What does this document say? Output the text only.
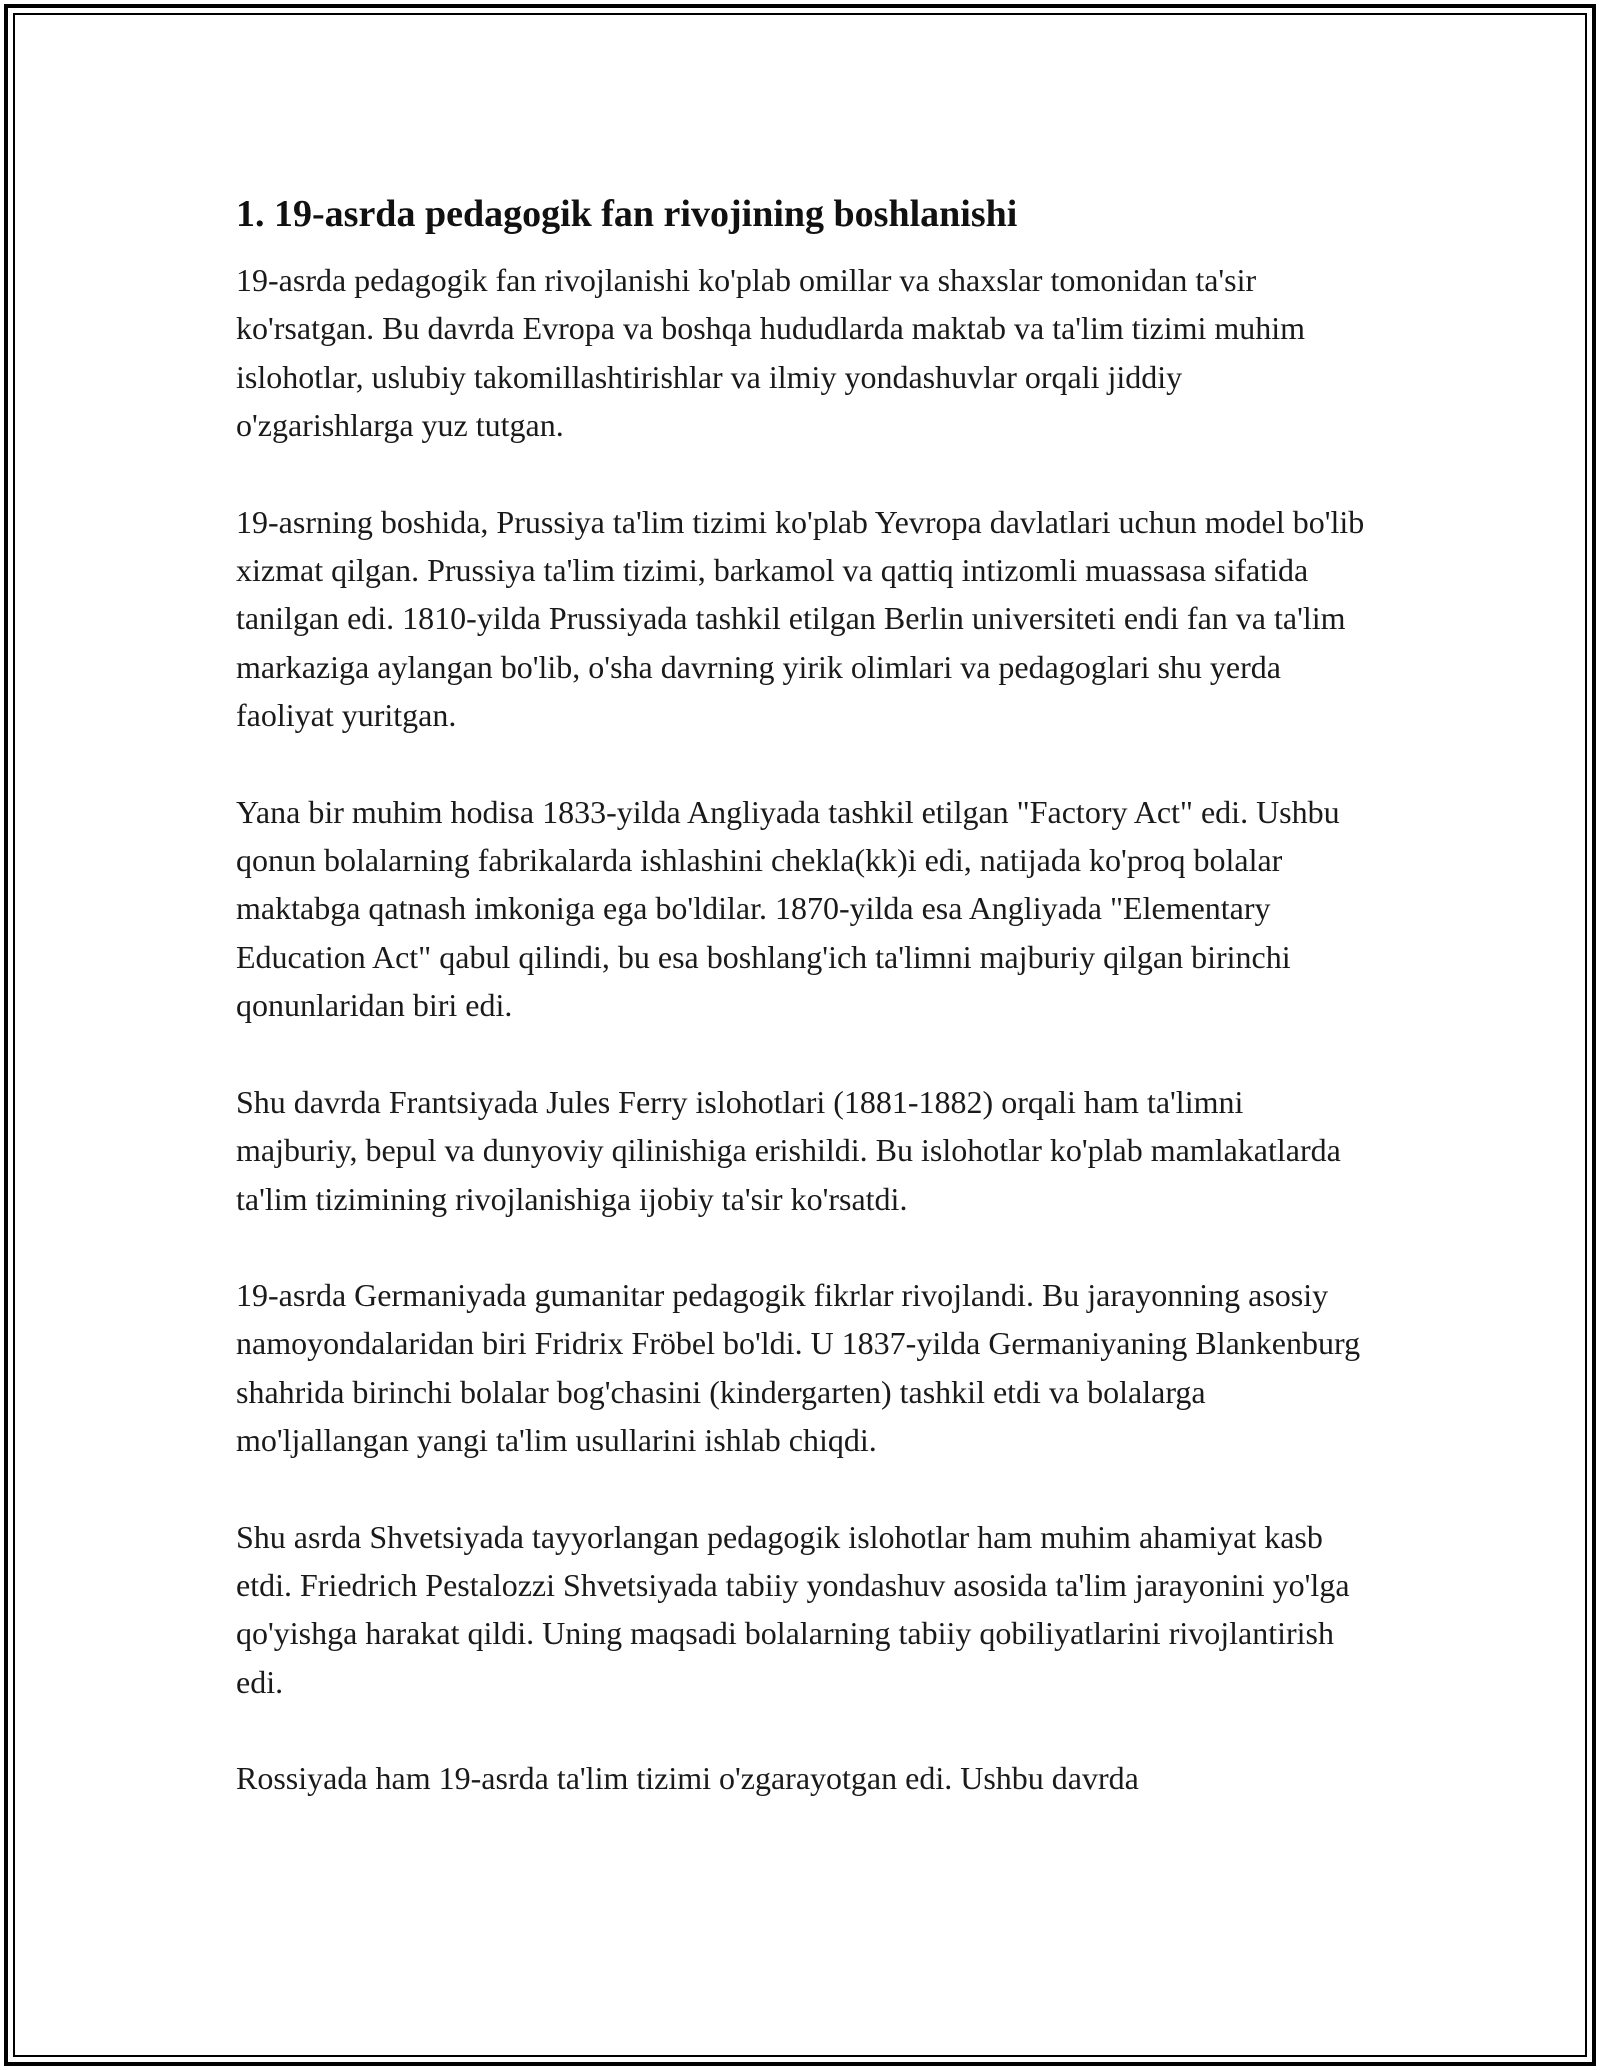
1. 19-asrda pedagogik fan rivojining boshlanishi

19-asrda pedagogik fan rivojlanishi ko'plab omillar va shaxslar tomonidan ta'sir ko'rsatgan. Bu davrda Evropa va boshqa hududlarda maktab va ta'lim tizimi muhim islohotlar, uslubiy takomillashtirishlar va ilmiy yondashuvlar orqali jiddiy o'zgarishlarga yuz tutgan.

19-asrning boshida, Prussiya ta'lim tizimi ko'plab Yevropa davlatlari uchun model bo'lib xizmat qilgan. Prussiya ta'lim tizimi, barkamol va qattiq intizomli muassasa sifatida tanilgan edi. 1810-yilda Prussiyada tashkil etilgan Berlin universiteti endi fan va ta'lim markaziga aylangan bo'lib, o'sha davrning yirik olimlari va pedagoglari shu yerda faoliyat yuritgan.

Yana bir muhim hodisa 1833-yilda Angliyada tashkil etilgan "Factory Act" edi. Ushbu qonun bolalarning fabrikalarda ishlashini chekla(kk)i edi, natijada ko'proq bolalar maktabga qatnash imkoniga ega bo'ldilar. 1870-yilda esa Angliyada "Elementary Education Act" qabul qilindi, bu esa boshlang'ich ta'limni majburiy qilgan birinchi qonunlaridan biri edi.

Shu davrda Frantsiyada Jules Ferry islohotlari (1881-1882) orqali ham ta'limni majburiy, bepul va dunyoviy qilinishiga erishildi. Bu islohotlar ko'plab mamlakatlarda ta'lim tizimining rivojlanishiga ijobiy ta'sir ko'rsatdi.

19-asrda Germaniyada gumanitar pedagogik fikrlar rivojlandi. Bu jarayonning asosiy namoyondalaridan biri Fridrix Fröbel bo'ldi. U 1837-yilda Germaniyaning Blankenburg shahrida birinchi bolalar bog'chasini (kindergarten) tashkil etdi va bolalarga mo'ljallangan yangi ta'lim usullarini ishlab chiqdi.

Shu asrda Shvetsiyada tayyorlangan pedagogik islohotlar ham muhim ahamiyat kasb etdi. Friedrich Pestalozzi Shvetsiyada tabiiy yondashuv asosida ta'lim jarayonini yo'lga qo'yishga harakat qildi. Uning maqsadi bolalarning tabiiy qobiliyatlarini rivojlantirish edi.

Rossiyada ham 19-asrda ta'lim tizimi o'zgarayotgan edi. Ushbu davrda
